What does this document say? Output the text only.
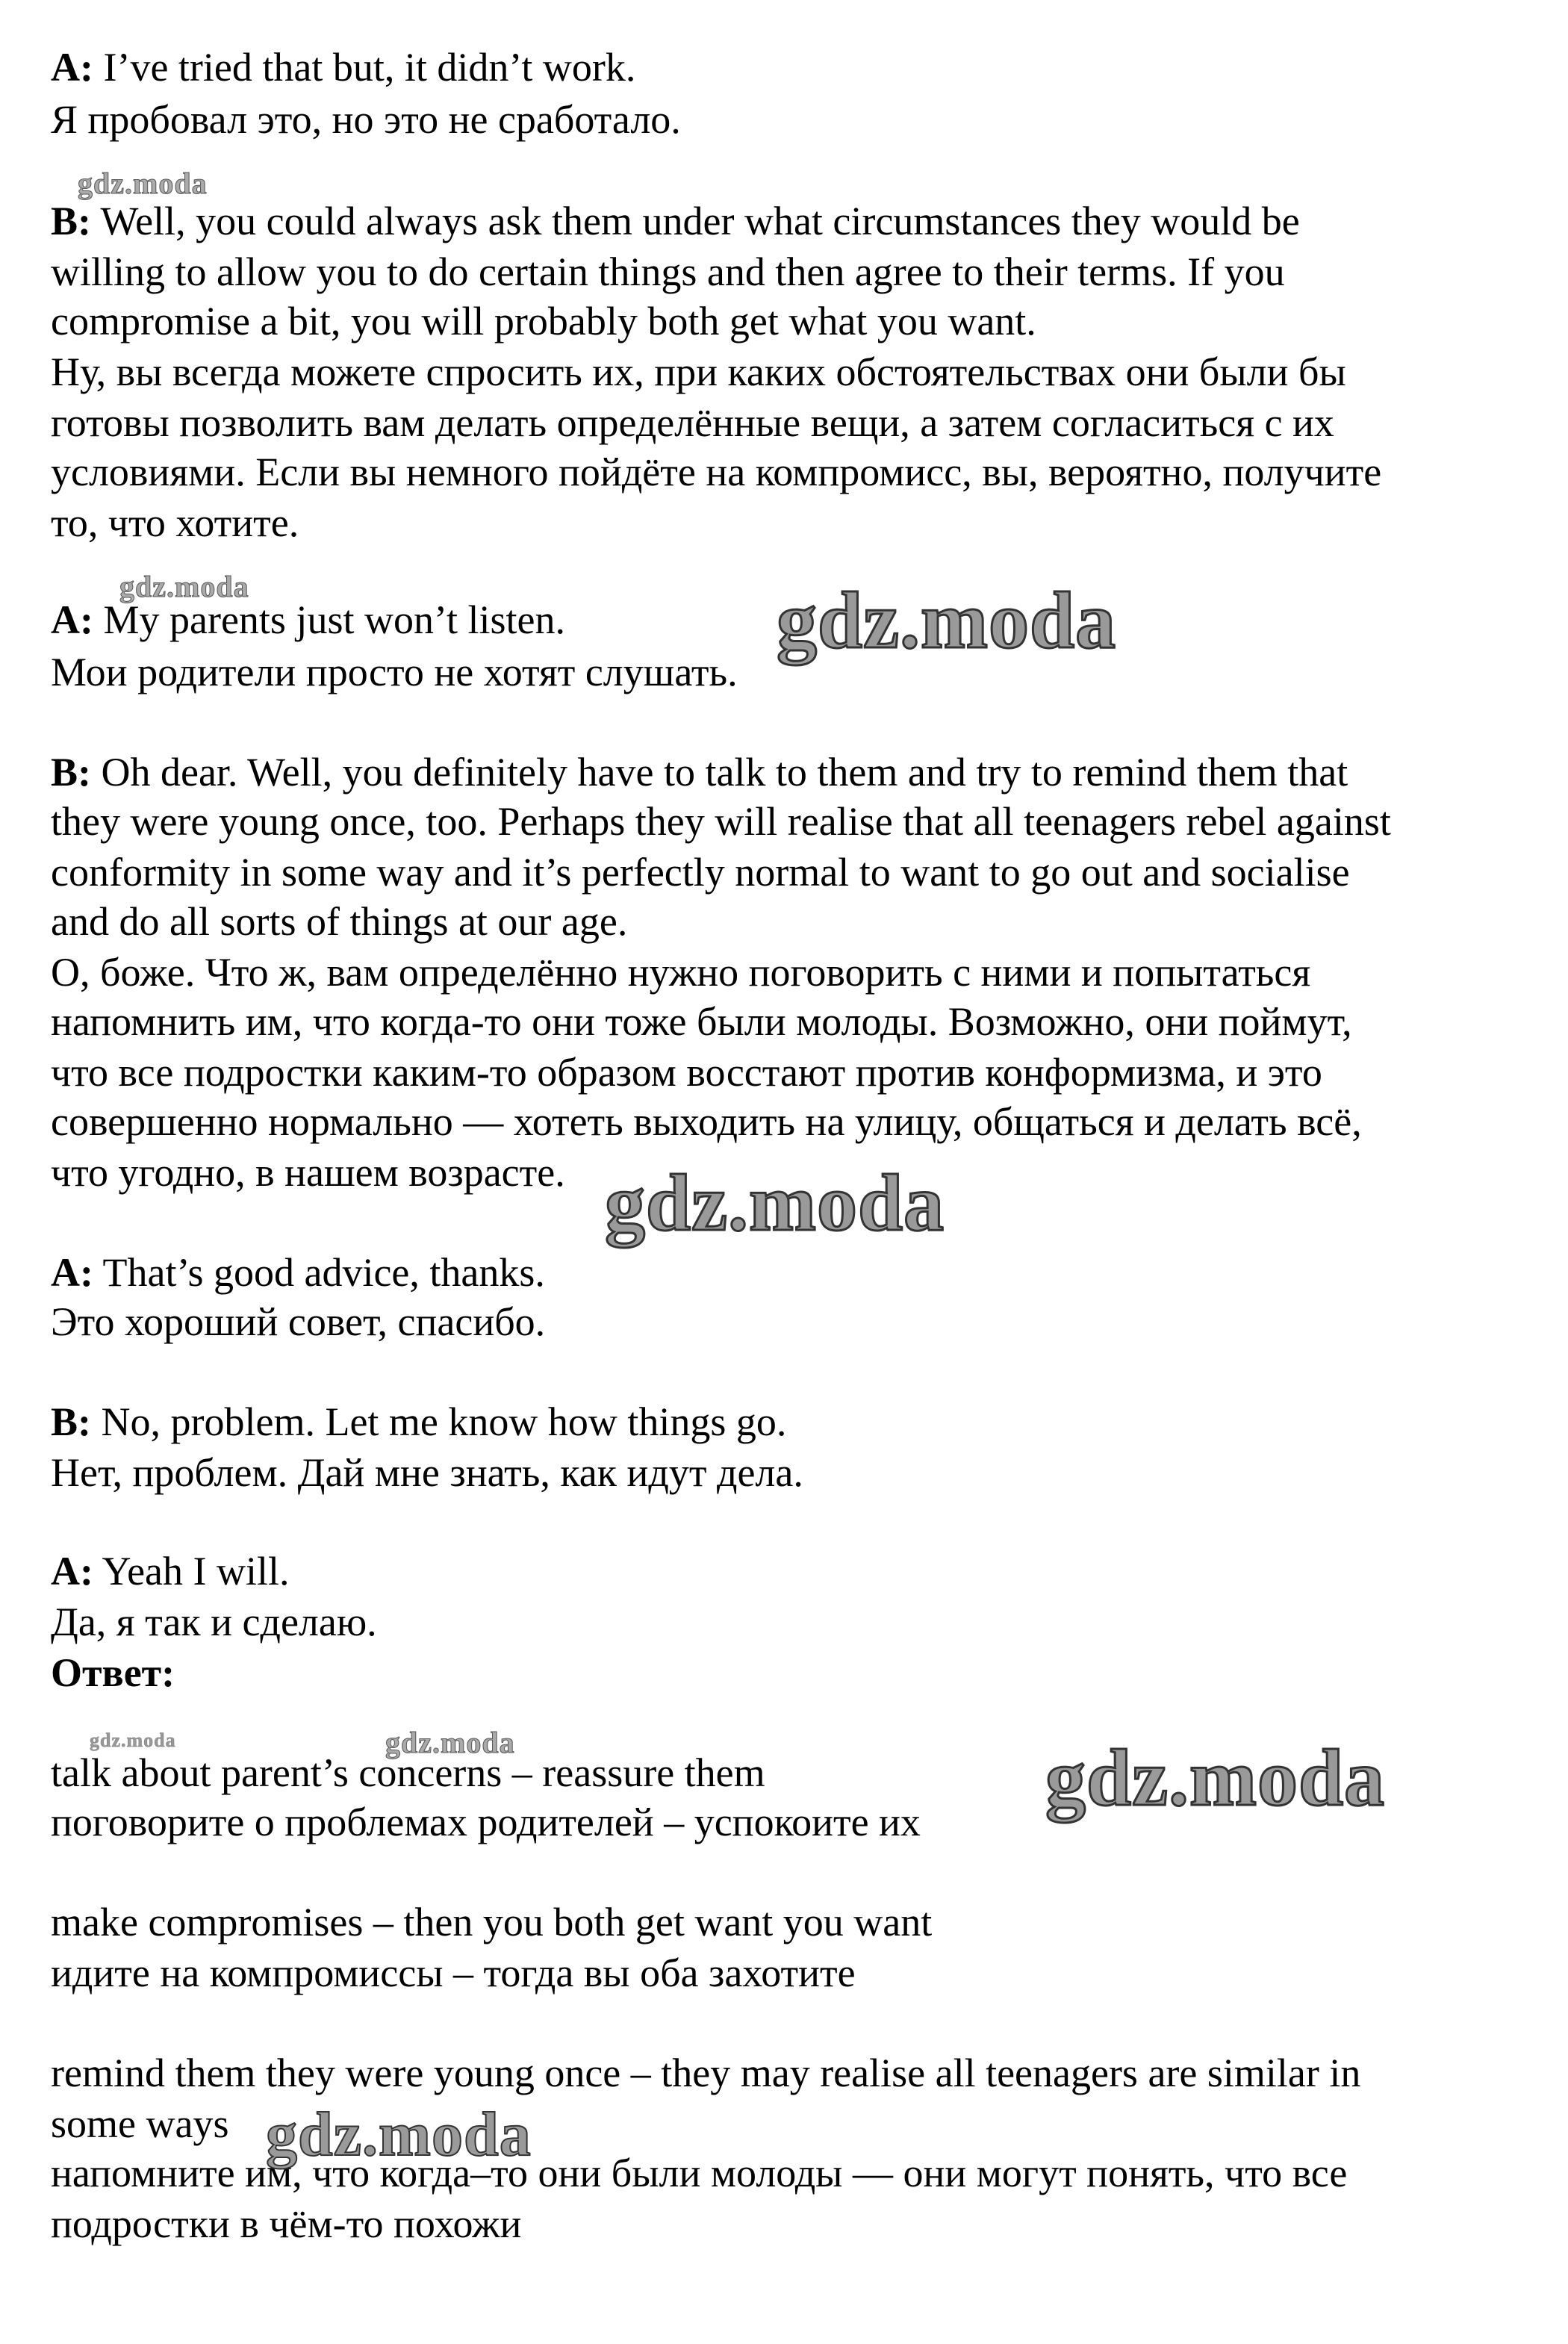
A: I’ve tried that but, it didn’t work.
Я пробовал это, но это не сработало.
B: Well, you could always ask them under what circumstances they would be
willing to allow you to do certain things and then agree to their terms. If you
compromise a bit, you will probably both get what you want.
Ну, вы всегда можете спросить их, при каких обстоятельствах они были бы
готовы позволить вам делать определённые вещи, а затем согласиться с их
условиями. Если вы немного пойдёте на компромисс, вы, вероятно, получите
то, что хотите.
A: My parents just won’t listen.
Мои родители просто не хотят слушать.
B: Oh dear. Well, you definitely have to talk to them and try to remind them that
they were young once, too. Perhaps they will realise that all teenagers rebel against
conformity in some way and it’s perfectly normal to want to go out and socialise
and do all sorts of things at our age.
О, боже. Что ж, вам определённо нужно поговорить с ними и попытаться
напомнить им, что когда-то они тоже были молоды. Возможно, они поймут,
что все подростки каким-то образом восстают против конформизма, и это
совершенно нормально — хотеть выходить на улицу, общаться и делать всё,
что угодно, в нашем возрасте.
A: That’s good advice, thanks.
Это хороший совет, спасибо.
B: No, problem. Let me know how things go.
Нет, проблем. Дай мне знать, как идут дела.
A: Yeah I will.
Да, я так и сделаю.
Ответ:
talk about parent’s concerns – reassure them
поговорите о проблемах родителей – успокоите их
make compromises – then you both get want you want
идите на компромиссы – тогда вы оба захотите
remind them they were young once – they may realise all teenagers are similar in
some ways
напомните им, что когда–то они были молоды — они могут понять, что все
подростки в чём-то похожи
gdz.moda
gdz.moda
gdz.moda	gdz.moda
gdz.moda
gdz.moda
gdz.moda
gdz.moda
